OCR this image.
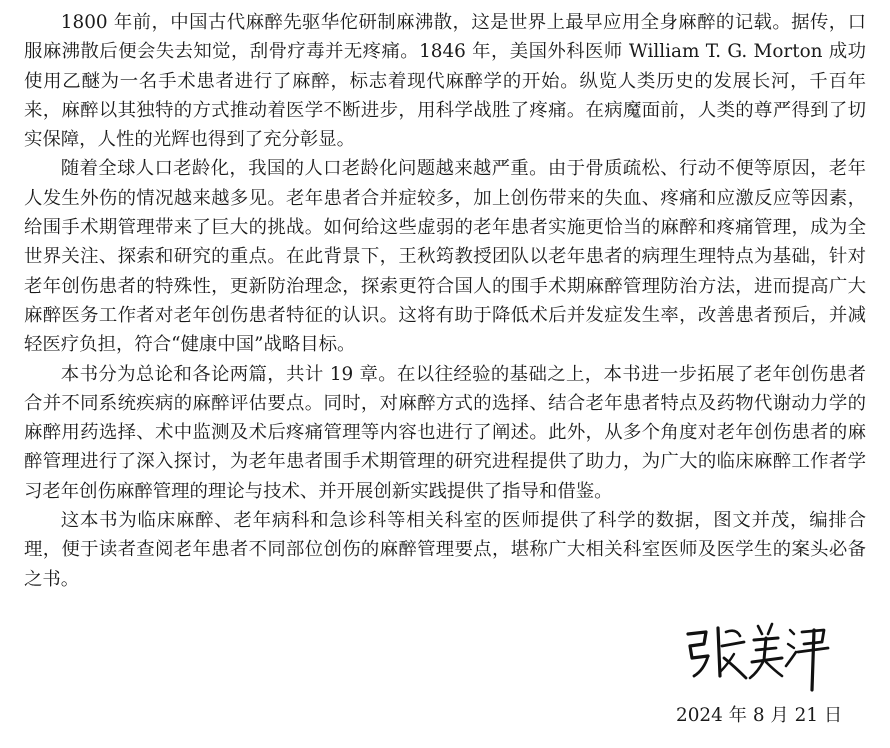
1800 年前，中国古代麻醉先驱华佗研制麻沸散，这是世界上最早应用全身麻醉的记载。据传，口服麻沸散后便会失去知觉，刮骨疗毒并无疼痛。1846 年，美国外科医师 William T. G. Morton 成功使用乙醚为一名手术患者进行了麻醉，标志着现代麻醉学的开始。纵览人类历史的发展长河，千百年来，麻醉以其独特的方式推动着医学不断进步，用科学战胜了疼痛。在病魔面前，人类的尊严得到了切实保障，人性的光辉也得到了充分彰显。

随着全球人口老龄化，我国的人口老龄化问题越来越严重。由于骨质疏松、行动不便等原因，老年人发生外伤的情况越来越多见。老年患者合并症较多，加上创伤带来的失血、疼痛和应激反应等因素，给围手术期管理带来了巨大的挑战。如何给这些虚弱的老年患者实施更恰当的麻醉和疼痛管理，成为全世界关注、探索和研究的重点。在此背景下，王秋筠教授团队以老年患者的病理生理特点为基础，针对老年创伤患者的特殊性，更新防治理念，探索更符合国人的围手术期麻醉管理防治方法，进而提高广大麻醉医务工作者对老年创伤患者特征的认识。这将有助于降低术后并发症发生率，改善患者预后，并减轻医疗负担，符合“健康中国”战略目标。

本书分为总论和各论两篇，共计 19 章。在以往经验的基础之上，本书进一步拓展了老年创伤患者合并不同系统疾病的麻醉评估要点。同时，对麻醉方式的选择、结合老年患者特点及药物代谢动力学的麻醉用药选择、术中监测及术后疼痛管理等内容也进行了阐述。此外，从多个角度对老年创伤患者的麻醉管理进行了深入探讨，为老年患者围手术期管理的研究进程提供了助力，为广大的临床麻醉工作者学习老年创伤麻醉管理的理论与技术、并开展创新实践提供了指导和借鉴。

这本书为临床麻醉、老年病科和急诊科等相关科室的医师提供了科学的数据，图文并茂，编排合理，便于读者查阅老年患者不同部位创伤的麻醉管理要点，堪称广大相关科室医师及医学生的案头必备之书。

2024 年 8 月 21 日
